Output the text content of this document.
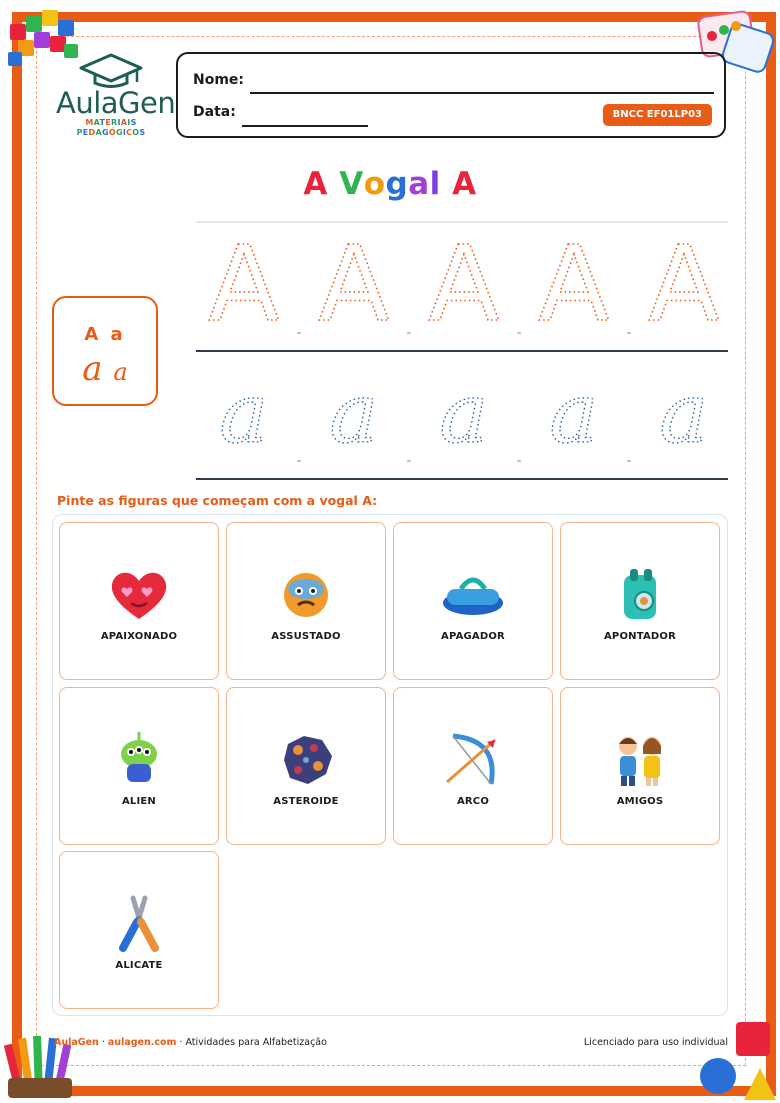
AulaGen
MATERIAIS PEDAGÓGICOS
Nome:
Data:	BNCC EF01LP03
A Vogal A
A a
a a
A A A A A
a a a a a
Pinte as figuras que começam com a vogal A:
APAIXONADO	ASSUSTADO	APAGADOR	APONTADOR
ALIEN	ASTEROIDE	ARCO	AMIGOS
ALICATE
AulaGen · aulagen.com · Atividades para Alfabetização	Licenciado para uso individual
